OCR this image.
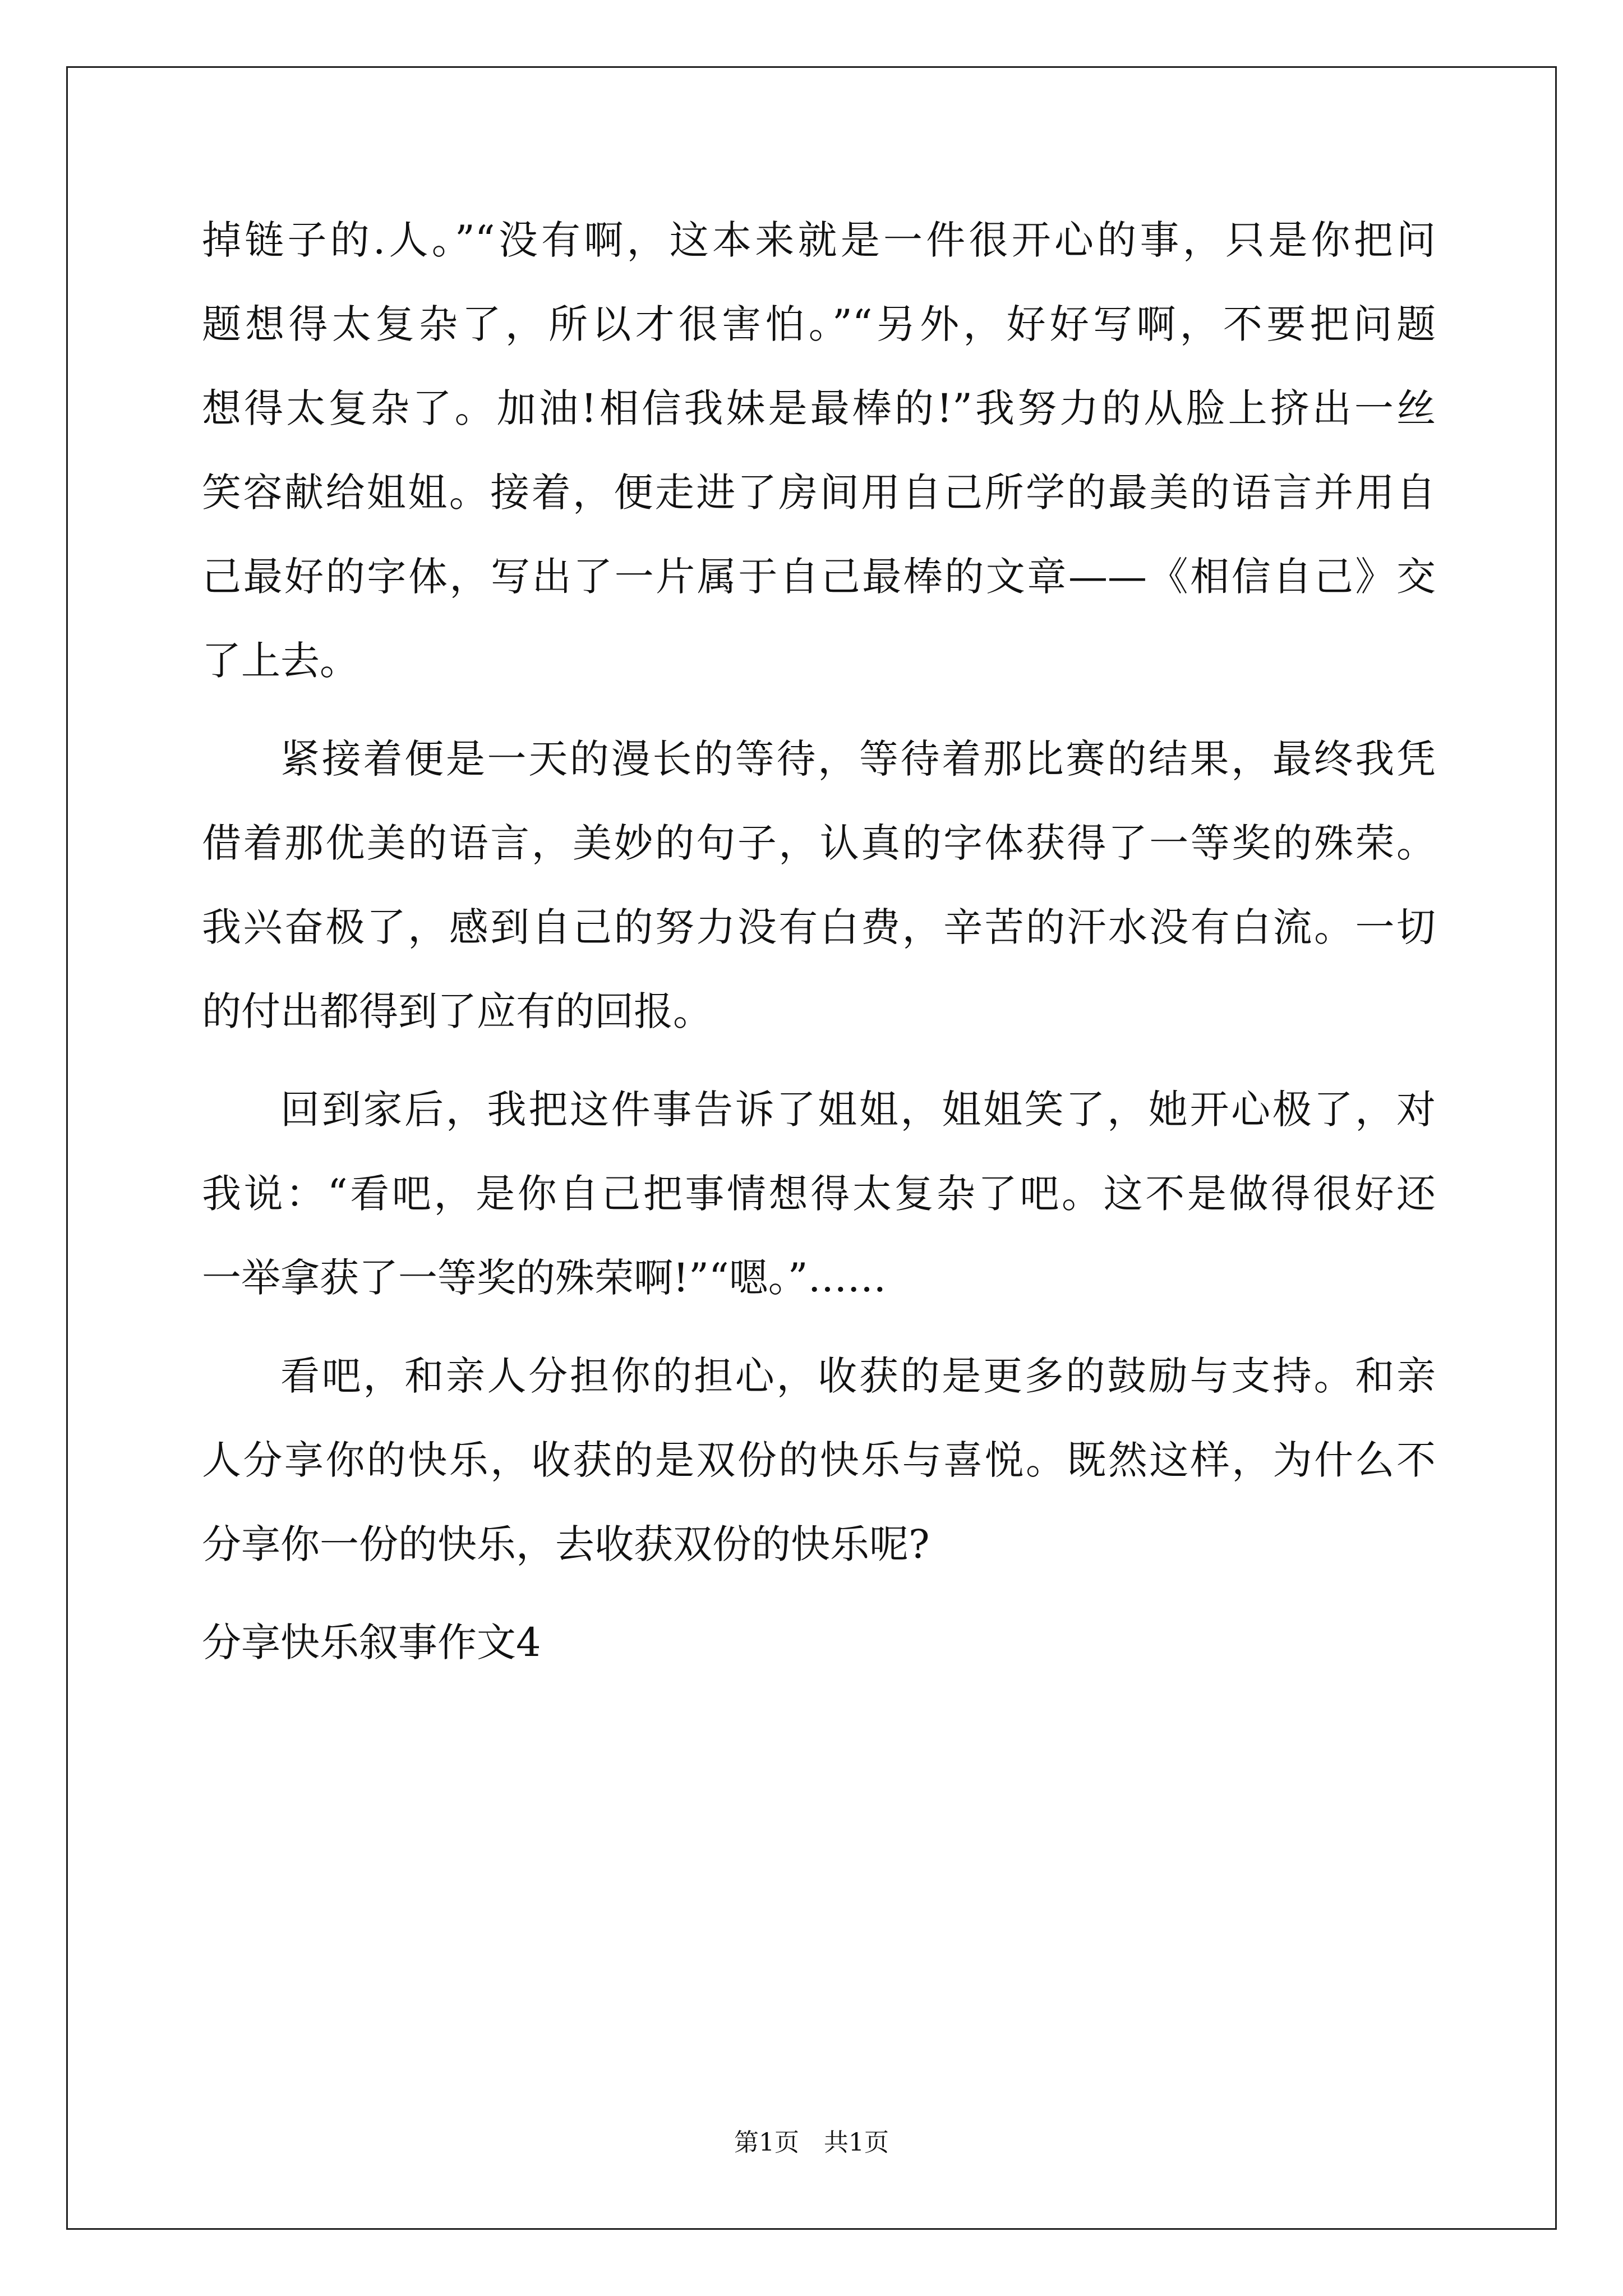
掉链子的.人。”“没有啊，这本来就是一件很开心的事，只是你把问
题想得太复杂了，所以才很害怕。”“另外，好好写啊，不要把问题
想得太复杂了。加油!相信我妹是最棒的!”我努力的从脸上挤出一丝
笑容献给姐姐。接着，便走进了房间用自己所学的最美的语言并用自
己最好的字体，写出了一片属于自己最棒的文章——《相信自己》交
了上去。
紧接着便是一天的漫长的等待，等待着那比赛的结果，最终我凭
借着那优美的语言，美妙的句子，认真的字体获得了一等奖的殊荣。
我兴奋极了，感到自己的努力没有白费，辛苦的汗水没有白流。一切
的付出都得到了应有的回报。
回到家后，我把这件事告诉了姐姐，姐姐笑了，她开心极了，对
我说：“看吧，是你自己把事情想得太复杂了吧。这不是做得很好还
一举拿获了一等奖的殊荣啊!”“嗯。”……
看吧，和亲人分担你的担心，收获的是更多的鼓励与支持。和亲
人分享你的快乐，收获的是双份的快乐与喜悦。既然这样，为什么不
分享你一份的快乐，去收获双份的快乐呢?
分享快乐叙事作文4
第1页　共1页
